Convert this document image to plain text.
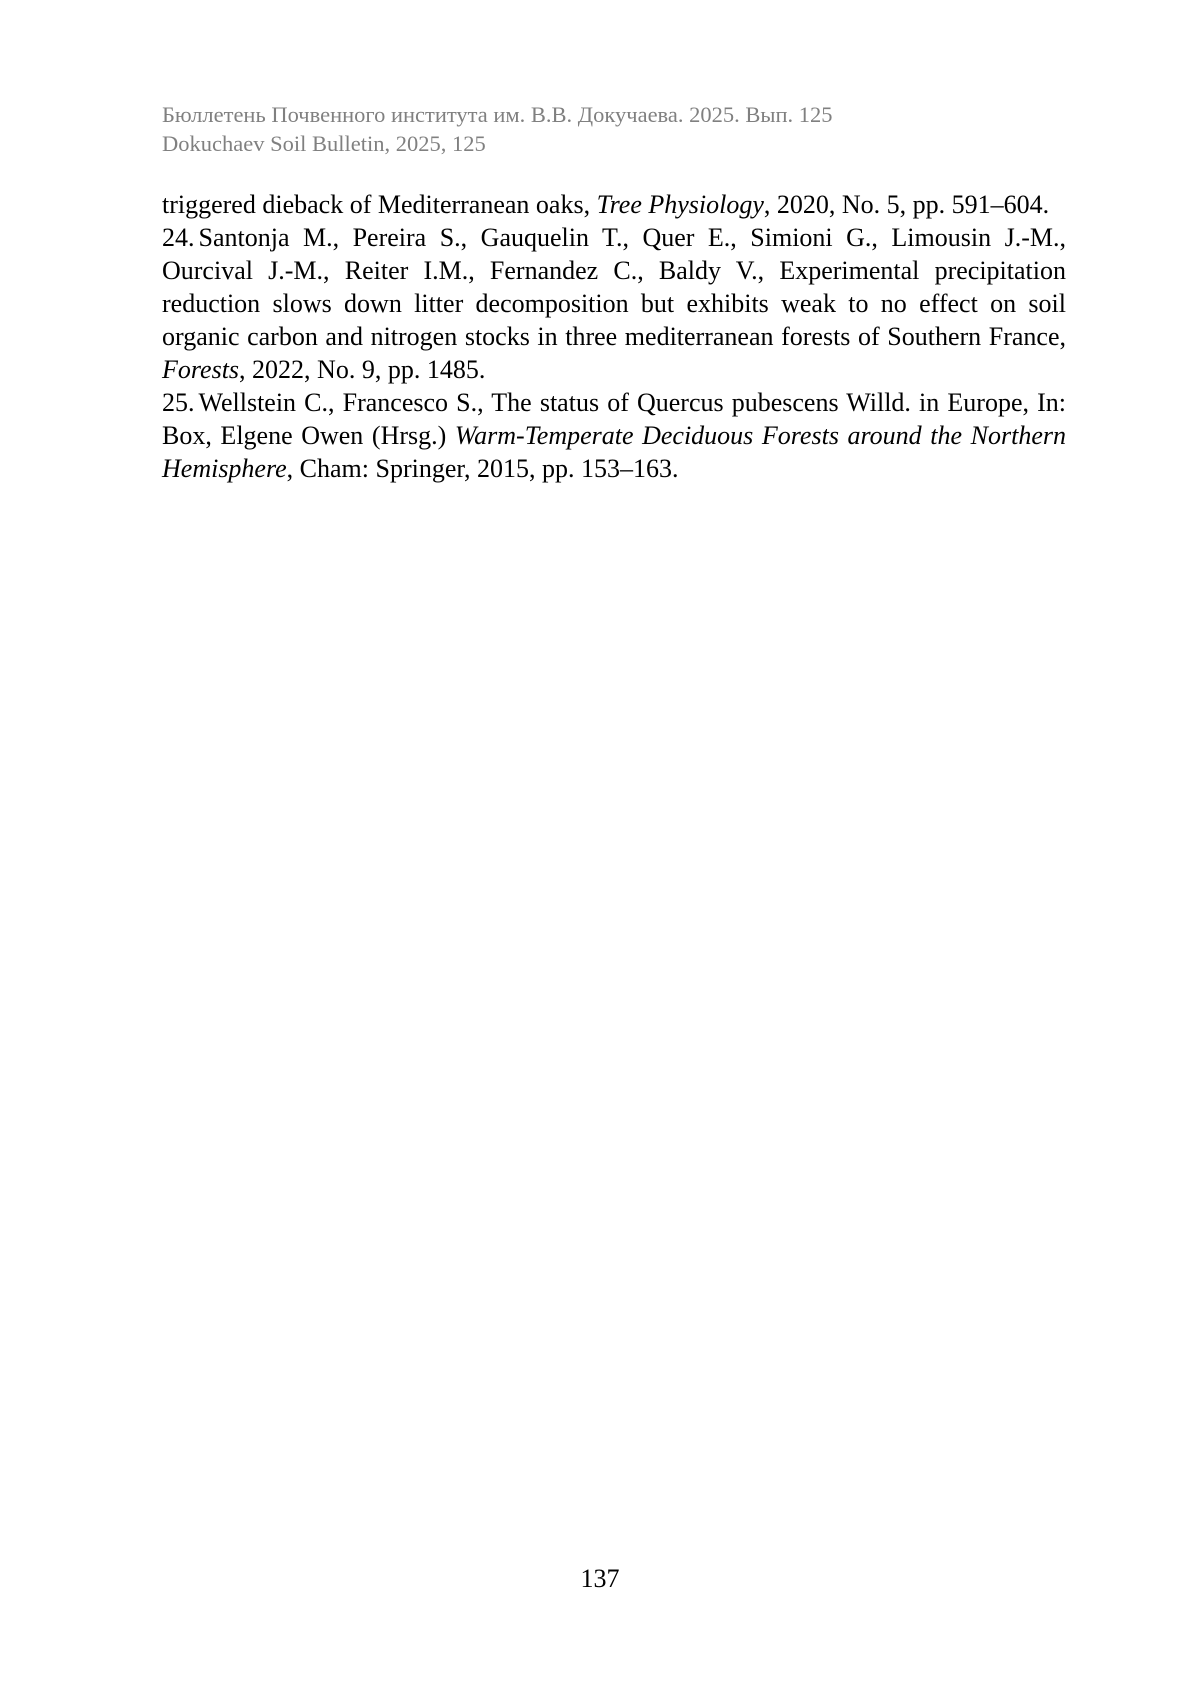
Бюллетень Почвенного института им. В.В. Докучаева. 2025. Вып. 125
Dokuchaev Soil Bulletin, 2025, 125

triggered dieback of Mediterranean oaks, Tree Physiology, 2020, No. 5, pp. 591–604.

24. Santonja M., Pereira S., Gauquelin T., Quer E., Simioni G., Limousin J.-M., Ourcival J.-M., Reiter I.M., Fernandez C., Baldy V., Experimental precipitation reduction slows down litter decomposition but exhibits weak to no effect on soil organic carbon and nitrogen stocks in three mediterranean forests of Southern France, Forests, 2022, No. 9, pp. 1485.

25. Wellstein C., Francesco S., The status of Quercus pubescens Willd. in Europe, In: Box, Elgene Owen (Hrsg.) Warm-Temperate Deciduous Forests around the Northern Hemisphere, Cham: Springer, 2015, pp. 153–163.

137
